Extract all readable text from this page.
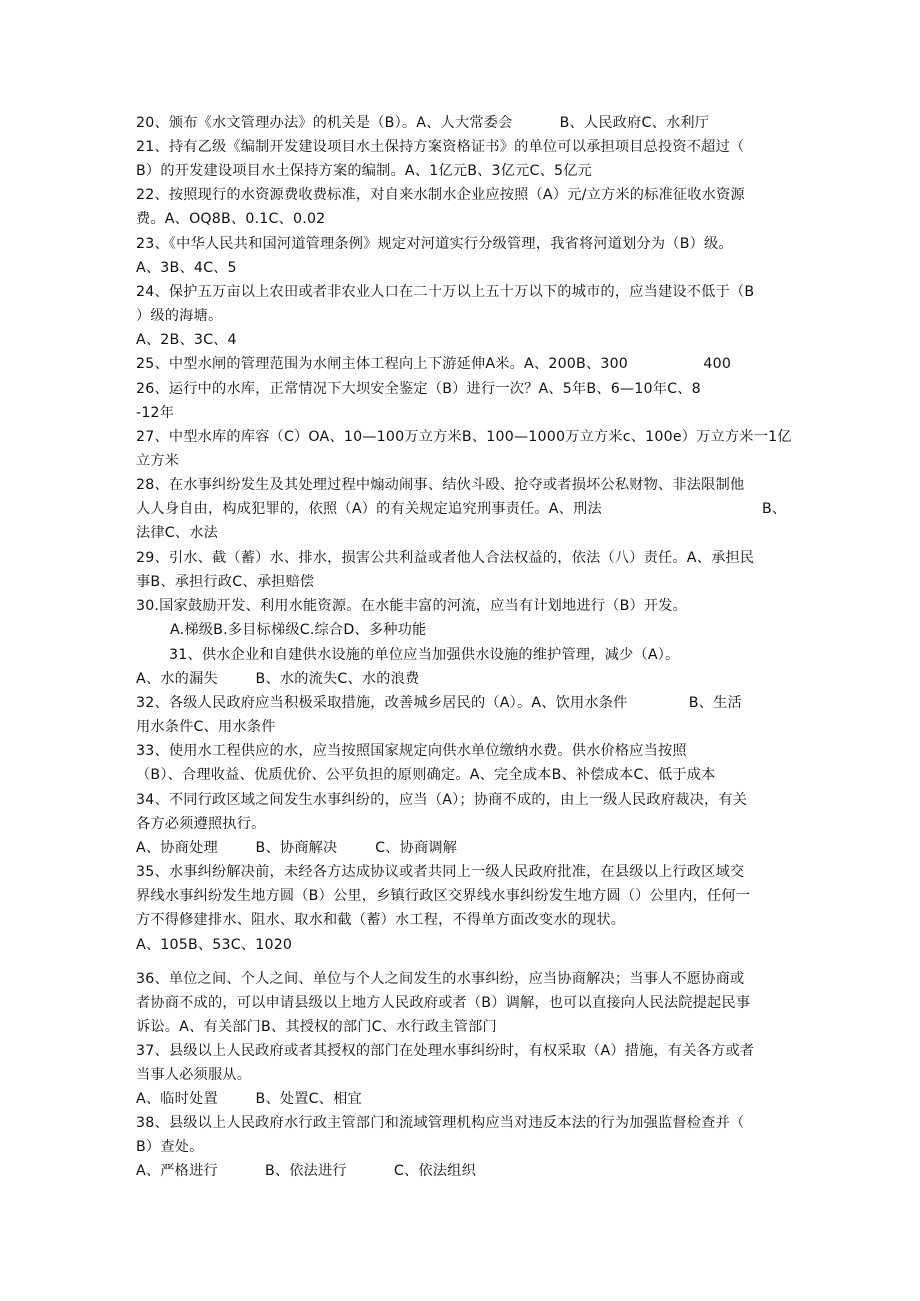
20、颁布《水文管理办法》的机关是（B）。A、人大常委会          B、人民政府C、水利厅
21、持有乙级《编制开发建设项目水土保持方案资格证书》的单位可以承担项目总投资不超过（
B）的开发建设项目水土保持方案的编制。A、1亿元B、3亿元C、5亿元
22、按照现行的水资源费收费标准，对自来水制水企业应按照（A）元/立方米的标准征收水资源
费。A、OQ8B、0.1C、0.02
23、《中华人民共和国河道管理条例》规定对河道实行分级管理，我省将河道划分为（B）级。
A、3B、4C、5
24、保护五万亩以上农田或者非农业人口在二十万以上五十万以下的城市的，应当建设不低于（B
）级的海塘。
A、2B、3C、4
25、中型水闸的管理范围为水闸主体工程向上下游延伸A米。A、200B、300                400
26、运行中的水库，正常情况下大坝安全鉴定（B）进行一次？A、5年B、6—10年C、8
-12年
27、中型水库的库容（C）OA、10—100万立方米B、100—1000万立方米c、100e）万立方米一1亿
立方米
28、在水事纠纷发生及其处理过程中煽动闹事、结伙斗殴、抢夺或者损坏公私财物、非法限制他
人人身自由，构成犯罪的，依照（A）的有关规定追究刑事责任。A、刑法                                  B、
法律C、水法
29、引水、截（蓄）水、排水，损害公共利益或者他人合法权益的，依法（八）责任。A、承担民
事B、承担行政C、承担赔偿
30.国家鼓励开发、利用水能资源。在水能丰富的河流，应当有计划地进行（B）开发。
A.梯级B.多目标梯级C.综合D、多种功能
31、供水企业和自建供水设施的单位应当加强供水设施的维护管理，减少（A）。
A、水的漏失        B、水的流失C、水的浪费
32、各级人民政府应当积极采取措施，改善城乡居民的（A）。A、饮用水条件             B、生活
用水条件C、用水条件
33、使用水工程供应的水，应当按照国家规定向供水单位缴纳水费。供水价格应当按照
（B）、合理收益、优质优价、公平负担的原则确定。A、完全成本B、补偿成本C、低于成本
34、不同行政区域之间发生水事纠纷的，应当（A）；协商不成的，由上一级人民政府裁决，有关
各方必须遵照执行。
A、协商处理        B、协商解决        C、协商调解
35、水事纠纷解决前，未经各方达成协议或者共同上一级人民政府批准，在县级以上行政区域交
界线水事纠纷发生地方圆（B）公里，乡镇行政区交界线水事纠纷发生地方圆（）公里内，任何一
方不得修建排水、阻水、取水和截（蓄）水工程，不得单方面改变水的现状。
A、105B、53C、1020
36、单位之间、个人之间、单位与个人之间发生的水事纠纷，应当协商解决；当事人不愿协商或
者协商不成的，可以申请县级以上地方人民政府或者（B）调解，也可以直接向人民法院提起民事
诉讼。A、有关部门B、其授权的部门C、水行政主管部门
37、县级以上人民政府或者其授权的部门在处理水事纠纷时，有权采取（A）措施，有关各方或者
当事人必须服从。
A、临时处置        B、处置C、相宜
38、县级以上人民政府水行政主管部门和流域管理机构应当对违反本法的行为加强监督检查并（
B）查处。
A、严格进行          B、依法进行          C、依法组织
